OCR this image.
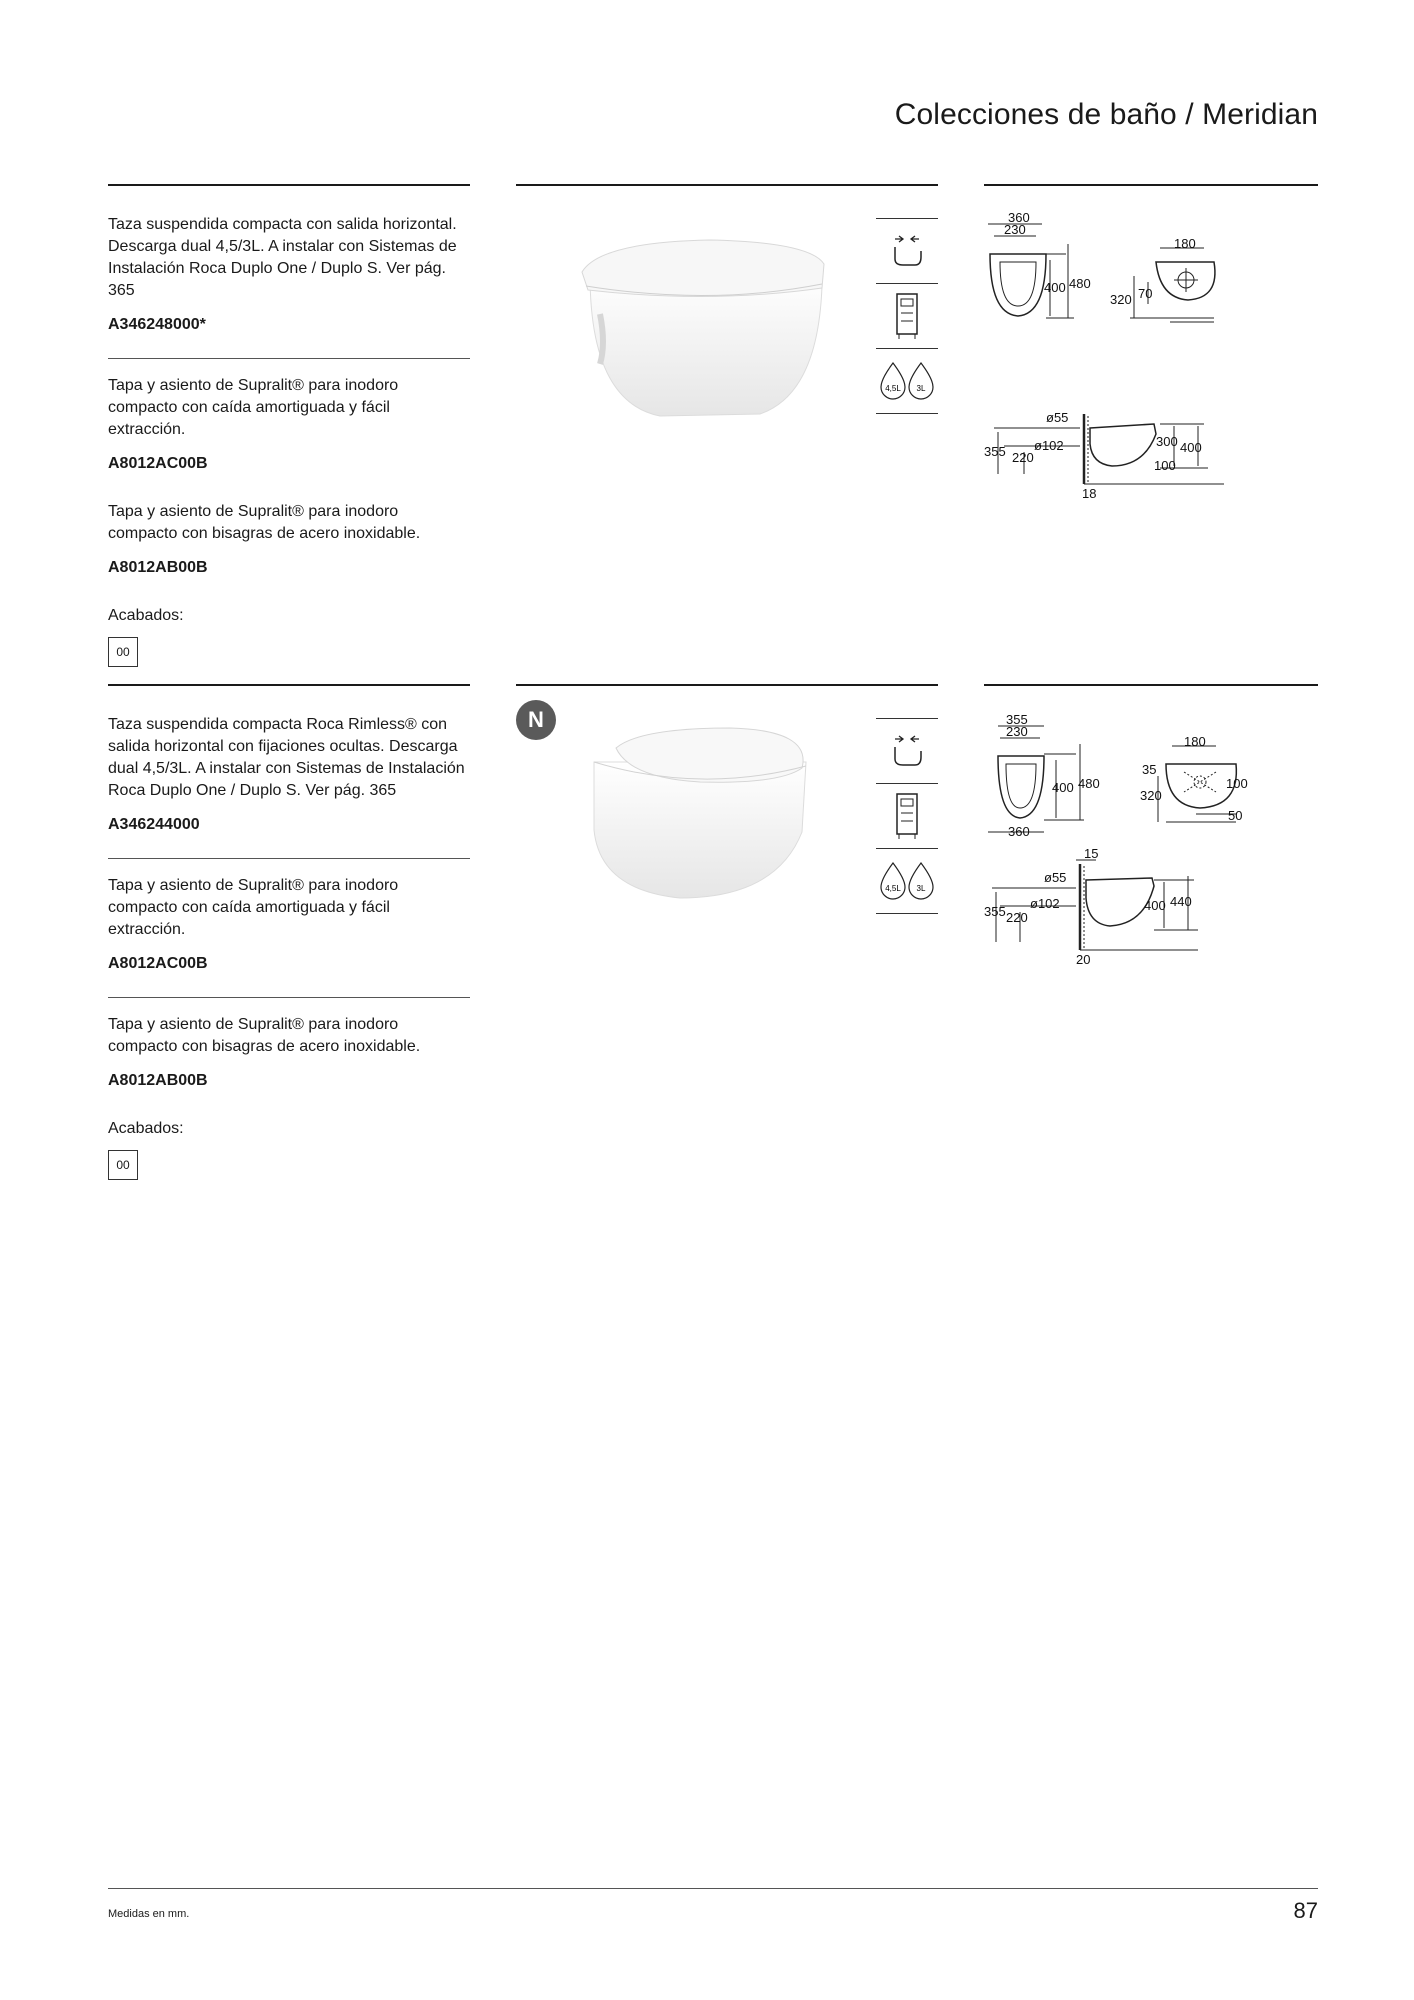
Colecciones de baño / Meridian

Taza suspendida compacta con salida horizontal. Descarga dual 4,5/3L. A instalar con Sistemas de Instalación Roca Duplo One / Duplo S. Ver pág. 365

A346248000*

Tapa y asiento de Supralit® para inodoro compacto con caída amortiguada y fácil extracción.

A8012AC00B

Tapa y asiento de Supralit® para inodoro compacto con bisagras de acero inoxidable.

A8012AB00B
Acabados:
00
4,5L 3L
360
230
400 480
180
320 70
ø55
ø102
355 220
300 400
100
18

Taza suspendida compacta Roca Rimless® con salida horizontal con fijaciones ocultas. Descarga dual 4,5/3L. A instalar con Sistemas de Instalación Roca Duplo One / Duplo S. Ver pág. 365

A346244000

Tapa y asiento de Supralit® para inodoro compacto con caída amortiguada y fácil extracción.

A8012AC00B

Tapa y asiento de Supralit® para inodoro compacto con bisagras de acero inoxidable.

A8012AB00B
Acabados:
00
N
4,5L 3L
355
230
400 480
360
180
35
320
100
50
15
ø55
ø102
355 220
400 440
20
Medidas en mm.	87
